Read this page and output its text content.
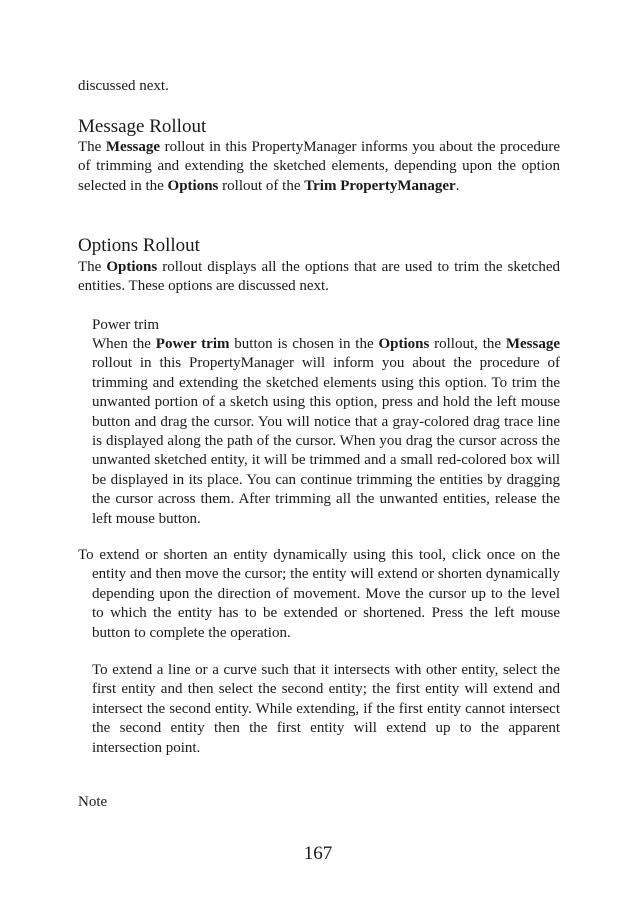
discussed next.

Message Rollout

The Message rollout in this PropertyManager informs you about the procedure of trimming and extending the sketched elements, depending upon the option selected in the Options rollout of the Trim PropertyManager.

Options Rollout

The Options rollout displays all the options that are used to trim the sketched entities. These options are discussed next.

Power trim

When the Power trim button is chosen in the Options rollout, the Message rollout in this PropertyManager will inform you about the procedure of trimming and extending the sketched elements using this option. To trim the unwanted portion of a sketch using this option, press and hold the left mouse button and drag the cursor. You will notice that a gray-colored drag trace line is displayed along the path of the cursor. When you drag the cursor across the unwanted sketched entity, it will be trimmed and a small red-colored box will be displayed in its place. You can continue trimming the entities by dragging the cursor across them. After trimming all the unwanted entities, release the left mouse button.

To extend or shorten an entity dynamically using this tool, click once on the entity and then move the cursor; the entity will extend or shorten dynamically depending upon the direction of movement. Move the cursor up to the level to which the entity has to be extended or shortened. Press the left mouse button to complete the operation.

To extend a line or a curve such that it intersects with other entity, select the first entity and then select the second entity; the first entity will extend and intersect the second entity. While extending, if the first entity cannot intersect the second entity then the first entity will extend up to the apparent intersection point.

Note
167
